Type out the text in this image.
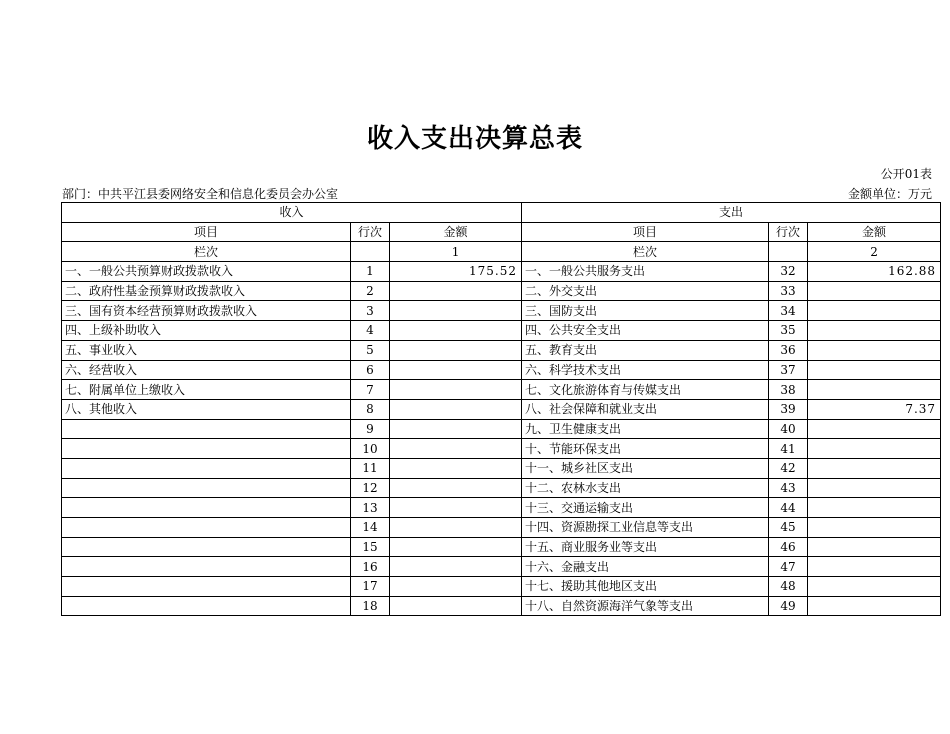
收入支出决算总表
公开01表
部门：中共平江县委网络安全和信息化委员会办公室	金额单位：万元
收入			支出		
项目	行次	金额	项目	行次	金额
栏次		1	栏次		2
一、一般公共预算财政拨款收入	1	175.52	一、一般公共服务支出	32	162.88
二、政府性基金预算财政拨款收入	2		二、外交支出	33	
三、国有资本经营预算财政拨款收入	3		三、国防支出	34	
四、上级补助收入	4		四、公共安全支出	35	
五、事业收入	5		五、教育支出	36	
六、经营收入	6		六、科学技术支出	37	
七、附属单位上缴收入	7		七、文化旅游体育与传媒支出	38	
八、其他收入	8		八、社会保障和就业支出	39	7.37
	9		九、卫生健康支出	40	
	10		十、节能环保支出	41	
	11		十一、城乡社区支出	42	
	12		十二、农林水支出	43	
	13		十三、交通运输支出	44	
	14		十四、资源勘探工业信息等支出	45	
	15		十五、商业服务业等支出	46	
	16		十六、金融支出	47	
	17		十七、援助其他地区支出	48	
	18		十八、自然资源海洋气象等支出	49	
